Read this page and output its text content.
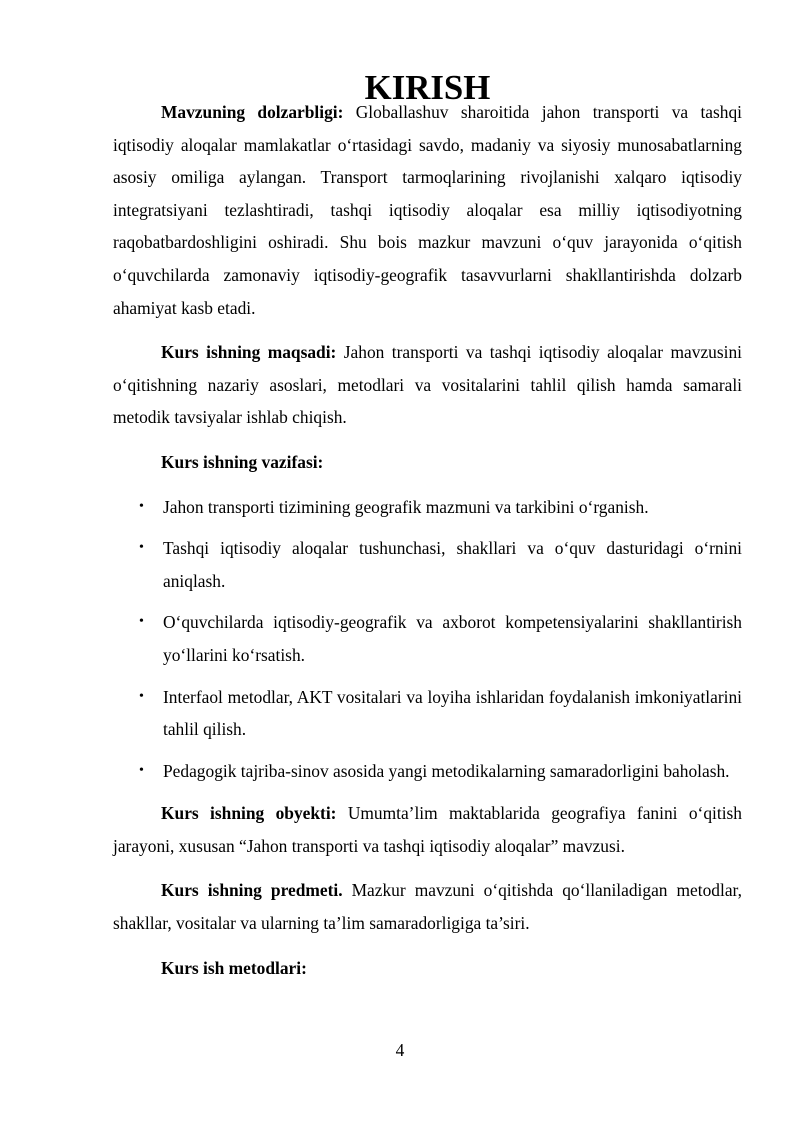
KIRISH

Mavzuning dolzarbligi: Globallashuv sharoitida jahon transporti va tashqi iqtisodiy aloqalar mamlakatlar o‘rtasidagi savdo, madaniy va siyosiy munosabatlarning asosiy omiliga aylangan. Transport tarmoqlarining rivojlanishi xalqaro iqtisodiy integratsiyani tezlashtiradi, tashqi iqtisodiy aloqalar esa milliy iqtisodiyotning raqobatbardoshligini oshiradi. Shu bois mazkur mavzuni o‘quv jarayonida o‘qitish o‘quvchilarda zamonaviy iqtisodiy-geografik tasavvurlarni shakllantirishda dolzarb ahamiyat kasb etadi.

Kurs ishning maqsadi: Jahon transporti va tashqi iqtisodiy aloqalar mavzusini o‘qitishning nazariy asoslari, metodlari va vositalarini tahlil qilish hamda samarali metodik tavsiyalar ishlab chiqish.

Kurs ishning vazifasi:

• Jahon transporti tizimining geografik mazmuni va tarkibini o‘rganish.
• Tashqi iqtisodiy aloqalar tushunchasi, shakllari va o‘quv dasturidagi o‘rnini aniqlash.
• O‘quvchilarda iqtisodiy-geografik va axborot kompetensiyalarini shakllantirish yo‘llarini ko‘rsatish.
• Interfaol metodlar, AKT vositalari va loyiha ishlaridan foydalanish imkoniyatlarini tahlil qilish.
• Pedagogik tajriba-sinov asosida yangi metodikalarning samaradorligini baholash.

Kurs ishning obyekti: Umumta’lim maktablarida geografiya fanini o‘qitish jarayoni, xususan “Jahon transporti va tashqi iqtisodiy aloqalar” mavzusi.

Kurs ishning predmeti. Mazkur mavzuni o‘qitishda qo‘llaniladigan metodlar, shakllar, vositalar va ularning ta’lim samaradorligiga ta’siri.

Kurs ish metodlari:

4
